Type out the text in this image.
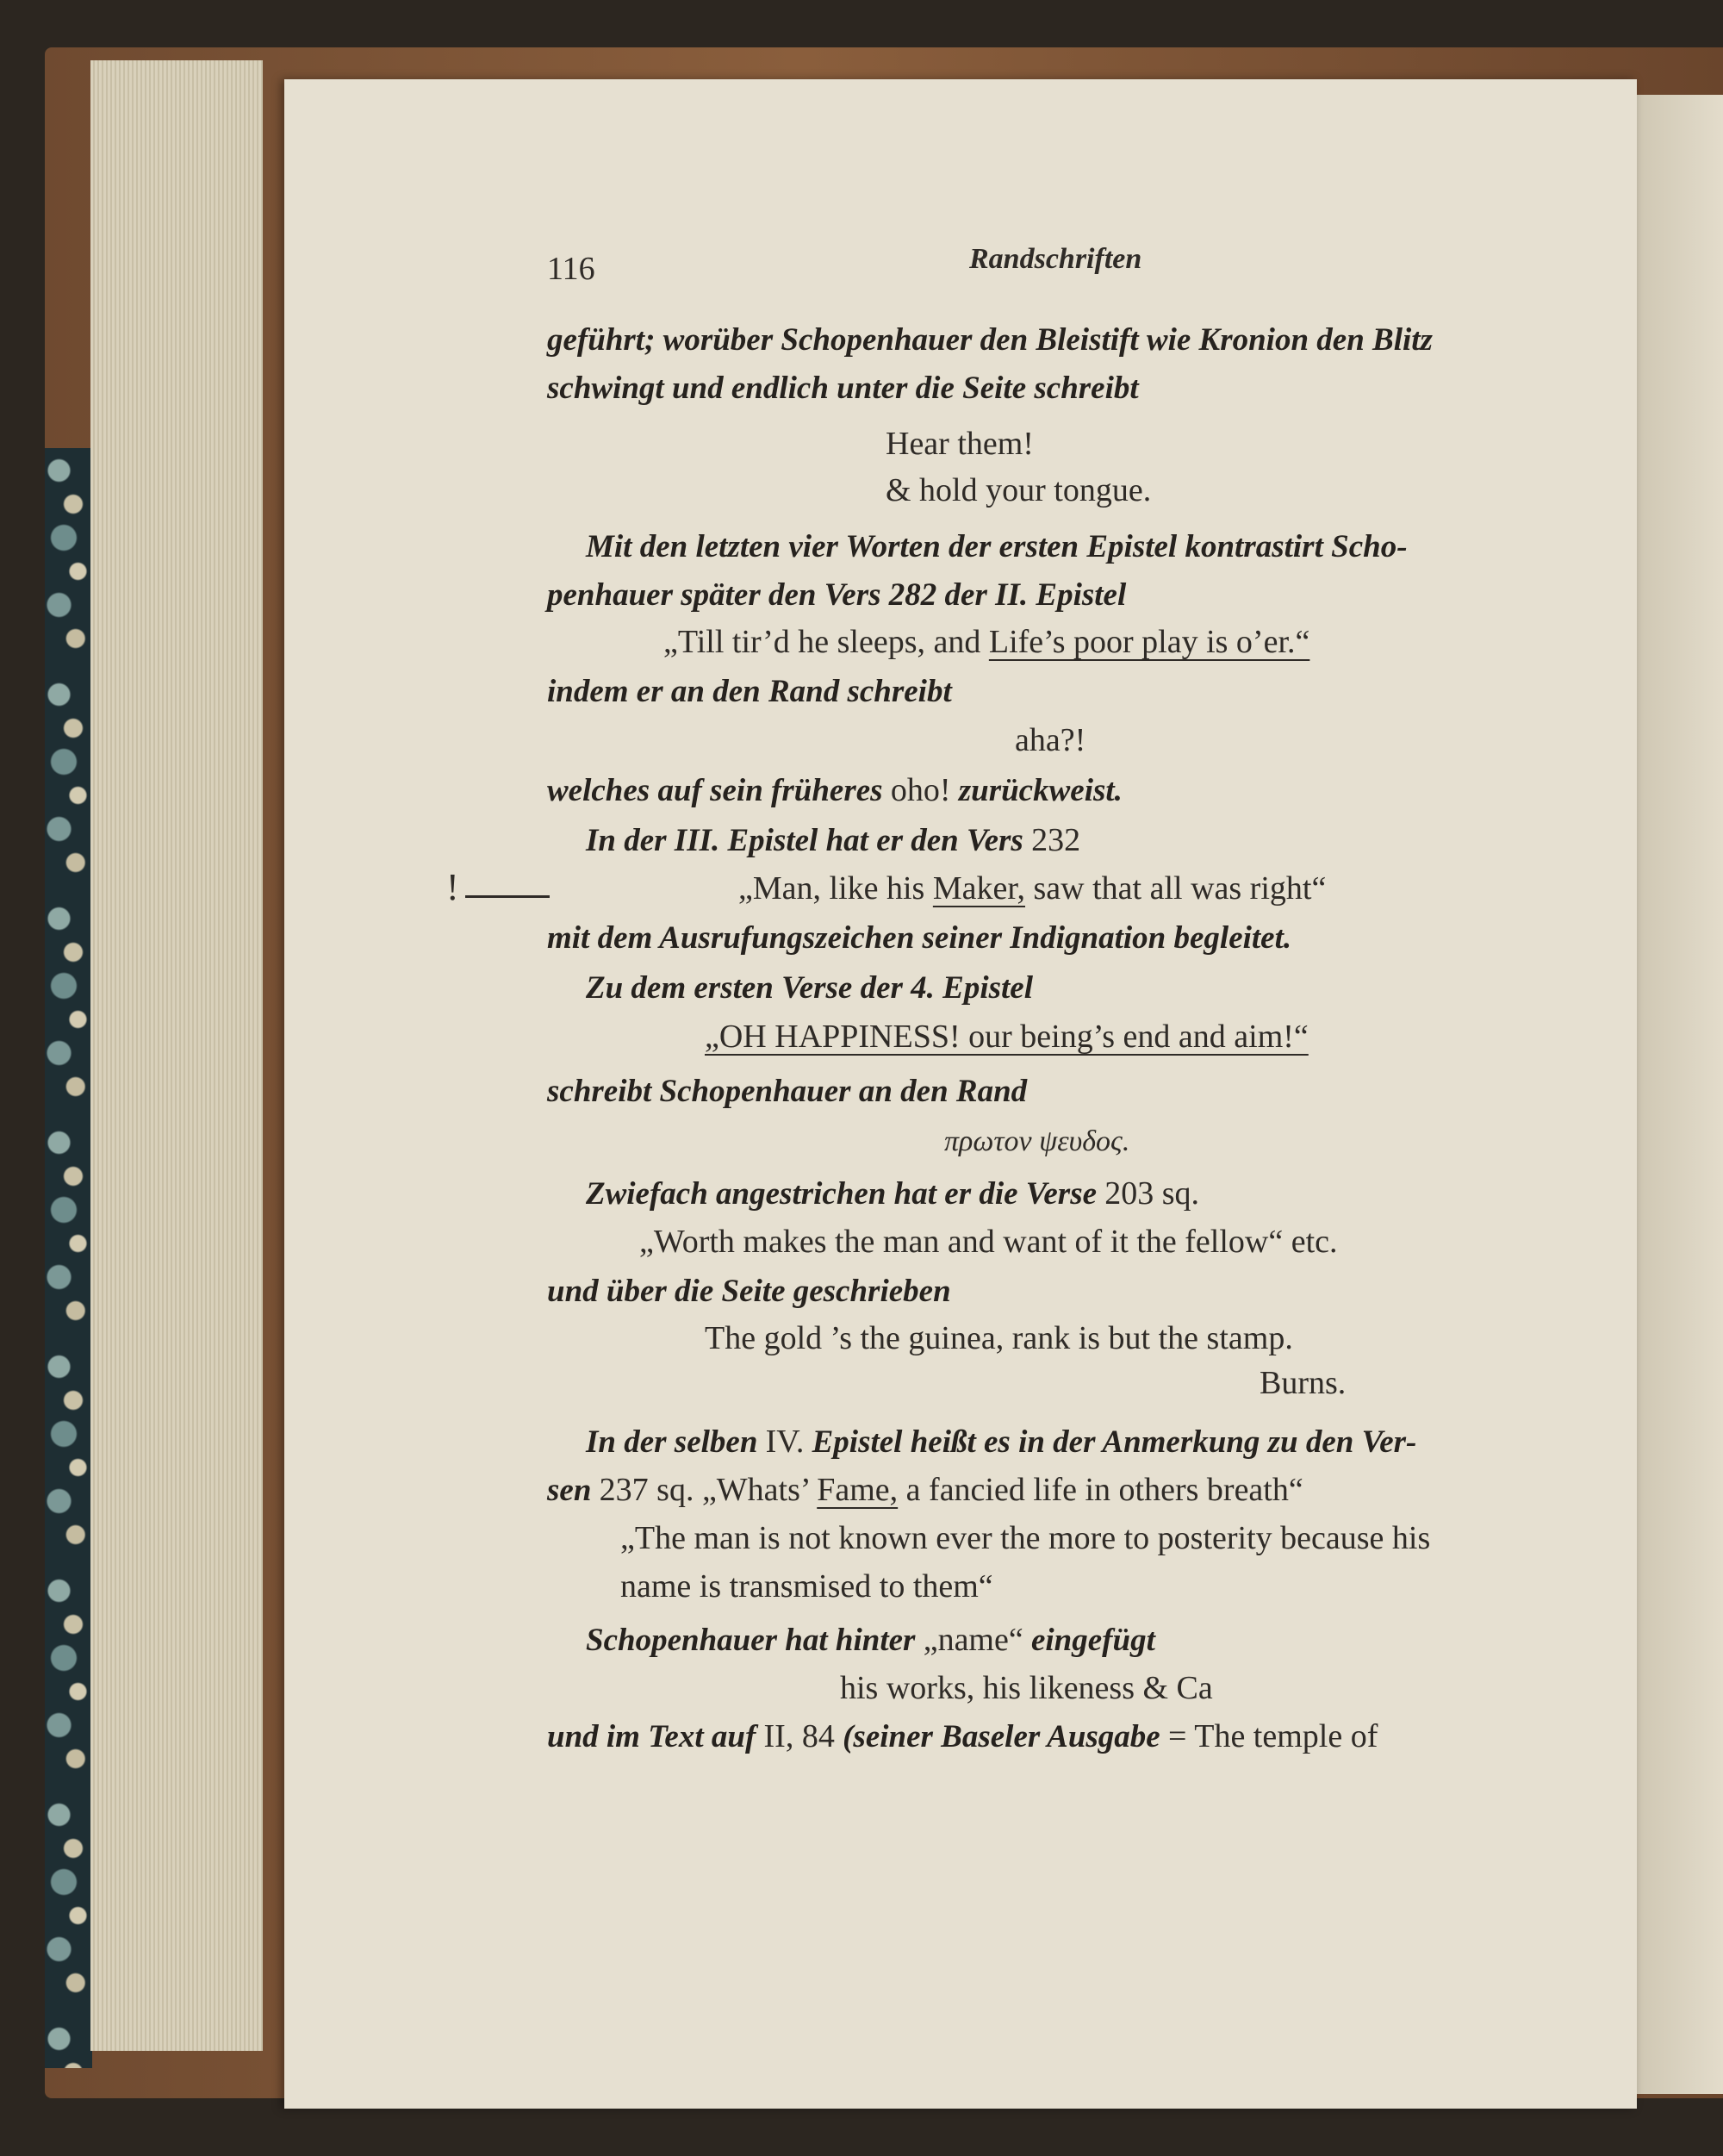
116	Randschriften
!
geführt; worüber Schopenhauer den Bleistift wie Kronion den Blitz
schwingt und endlich unter die Seite schreibt
Hear them!
& hold your tongue.
Mit den letzten vier Worten der ersten Epistel kontrastirt Scho-
penhauer später den Vers 282 der II. Epistel
„Till tir’d he sleeps, and Life’s poor play is o’er.“
indem er an den Rand schreibt
aha?!
welches auf sein früheres oho! zurückweist.
In der III. Epistel hat er den Vers 232
„Man, like his Maker, saw that all was right“
mit dem Ausrufungszeichen seiner Indignation begleitet.
Zu dem ersten Verse der 4. Epistel
„OH HAPPINESS! our being’s end and aim!“
schreibt Schopenhauer an den Rand
πρωτον ψευδος.
Zwiefach angestrichen hat er die Verse 203 sq.
„Worth makes the man and want of it the fellow“ etc.
und über die Seite geschrieben
The gold ’s the guinea, rank is but the stamp.
Burns.
In der selben IV. Epistel heißt es in der Anmerkung zu den Ver-
sen 237 sq. „Whats’ Fame, a fancied life in others breath“
„The man is not known ever the more to posterity because his
name is transmised to them“
Schopenhauer hat hinter „name“ eingefügt
his works, his likeness & Ca
und im Text auf II, 84 (seiner Baseler Ausgabe = The temple of
